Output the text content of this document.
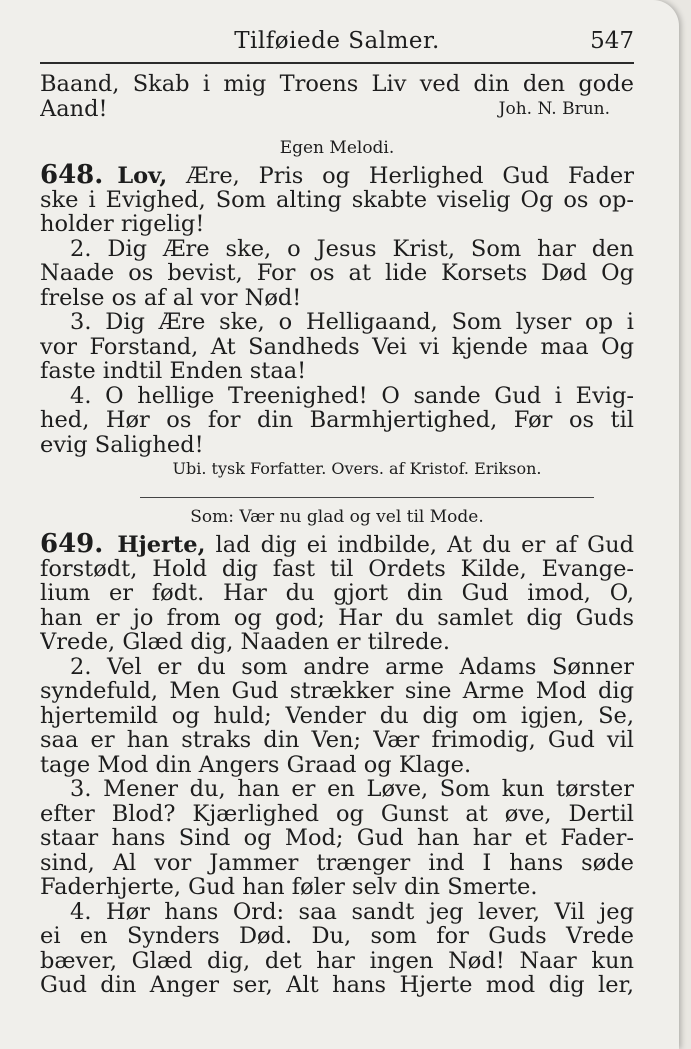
Tilføiede Salmer.	547
Baand, Skab i mig Troens Liv ved din den gode
Aand!	Joh. N. Brun.
Egen Melodi.
648. Lov, Ære, Pris og Herlighed Gud Fader
ske i Evighed, Som alting skabte viselig Og os op-
holder rigelig!
2. Dig Ære ske, o Jesus Krist, Som har den
Naade os bevist, For os at lide Korsets Død Og
frelse os af al vor Nød!
3. Dig Ære ske, o Helligaand, Som lyser op i
vor Forstand, At Sandheds Vei vi kjende maa Og
faste indtil Enden staa!
4. O hellige Treenighed! O sande Gud i Evig-
hed, Hør os for din Barmhjertighed, Før os til
evig Salighed!
Ubi. tysk Forfatter. Overs. af Kristof. Erikson.
Som: Vær nu glad og vel til Mode.
649. Hjerte, lad dig ei indbilde, At du er af Gud
forstødt, Hold dig fast til Ordets Kilde, Evange-
lium er født. Har du gjort din Gud imod, O,
han er jo from og god; Har du samlet dig Guds
Vrede, Glæd dig, Naaden er tilrede.
2. Vel er du som andre arme Adams Sønner
syndefuld, Men Gud strækker sine Arme Mod dig
hjertemild og huld; Vender du dig om igjen, Se,
saa er han straks din Ven; Vær frimodig, Gud vil
tage Mod din Angers Graad og Klage.
3. Mener du, han er en Løve, Som kun tørster
efter Blod? Kjærlighed og Gunst at øve, Dertil
staar hans Sind og Mod; Gud han har et Fader-
sind, Al vor Jammer trænger ind I hans søde
Faderhjerte, Gud han føler selv din Smerte.
4. Hør hans Ord: saa sandt jeg lever, Vil jeg
ei en Synders Død. Du, som for Guds Vrede
bæver, Glæd dig, det har ingen Nød! Naar kun
Gud din Anger ser, Alt hans Hjerte mod dig ler,
